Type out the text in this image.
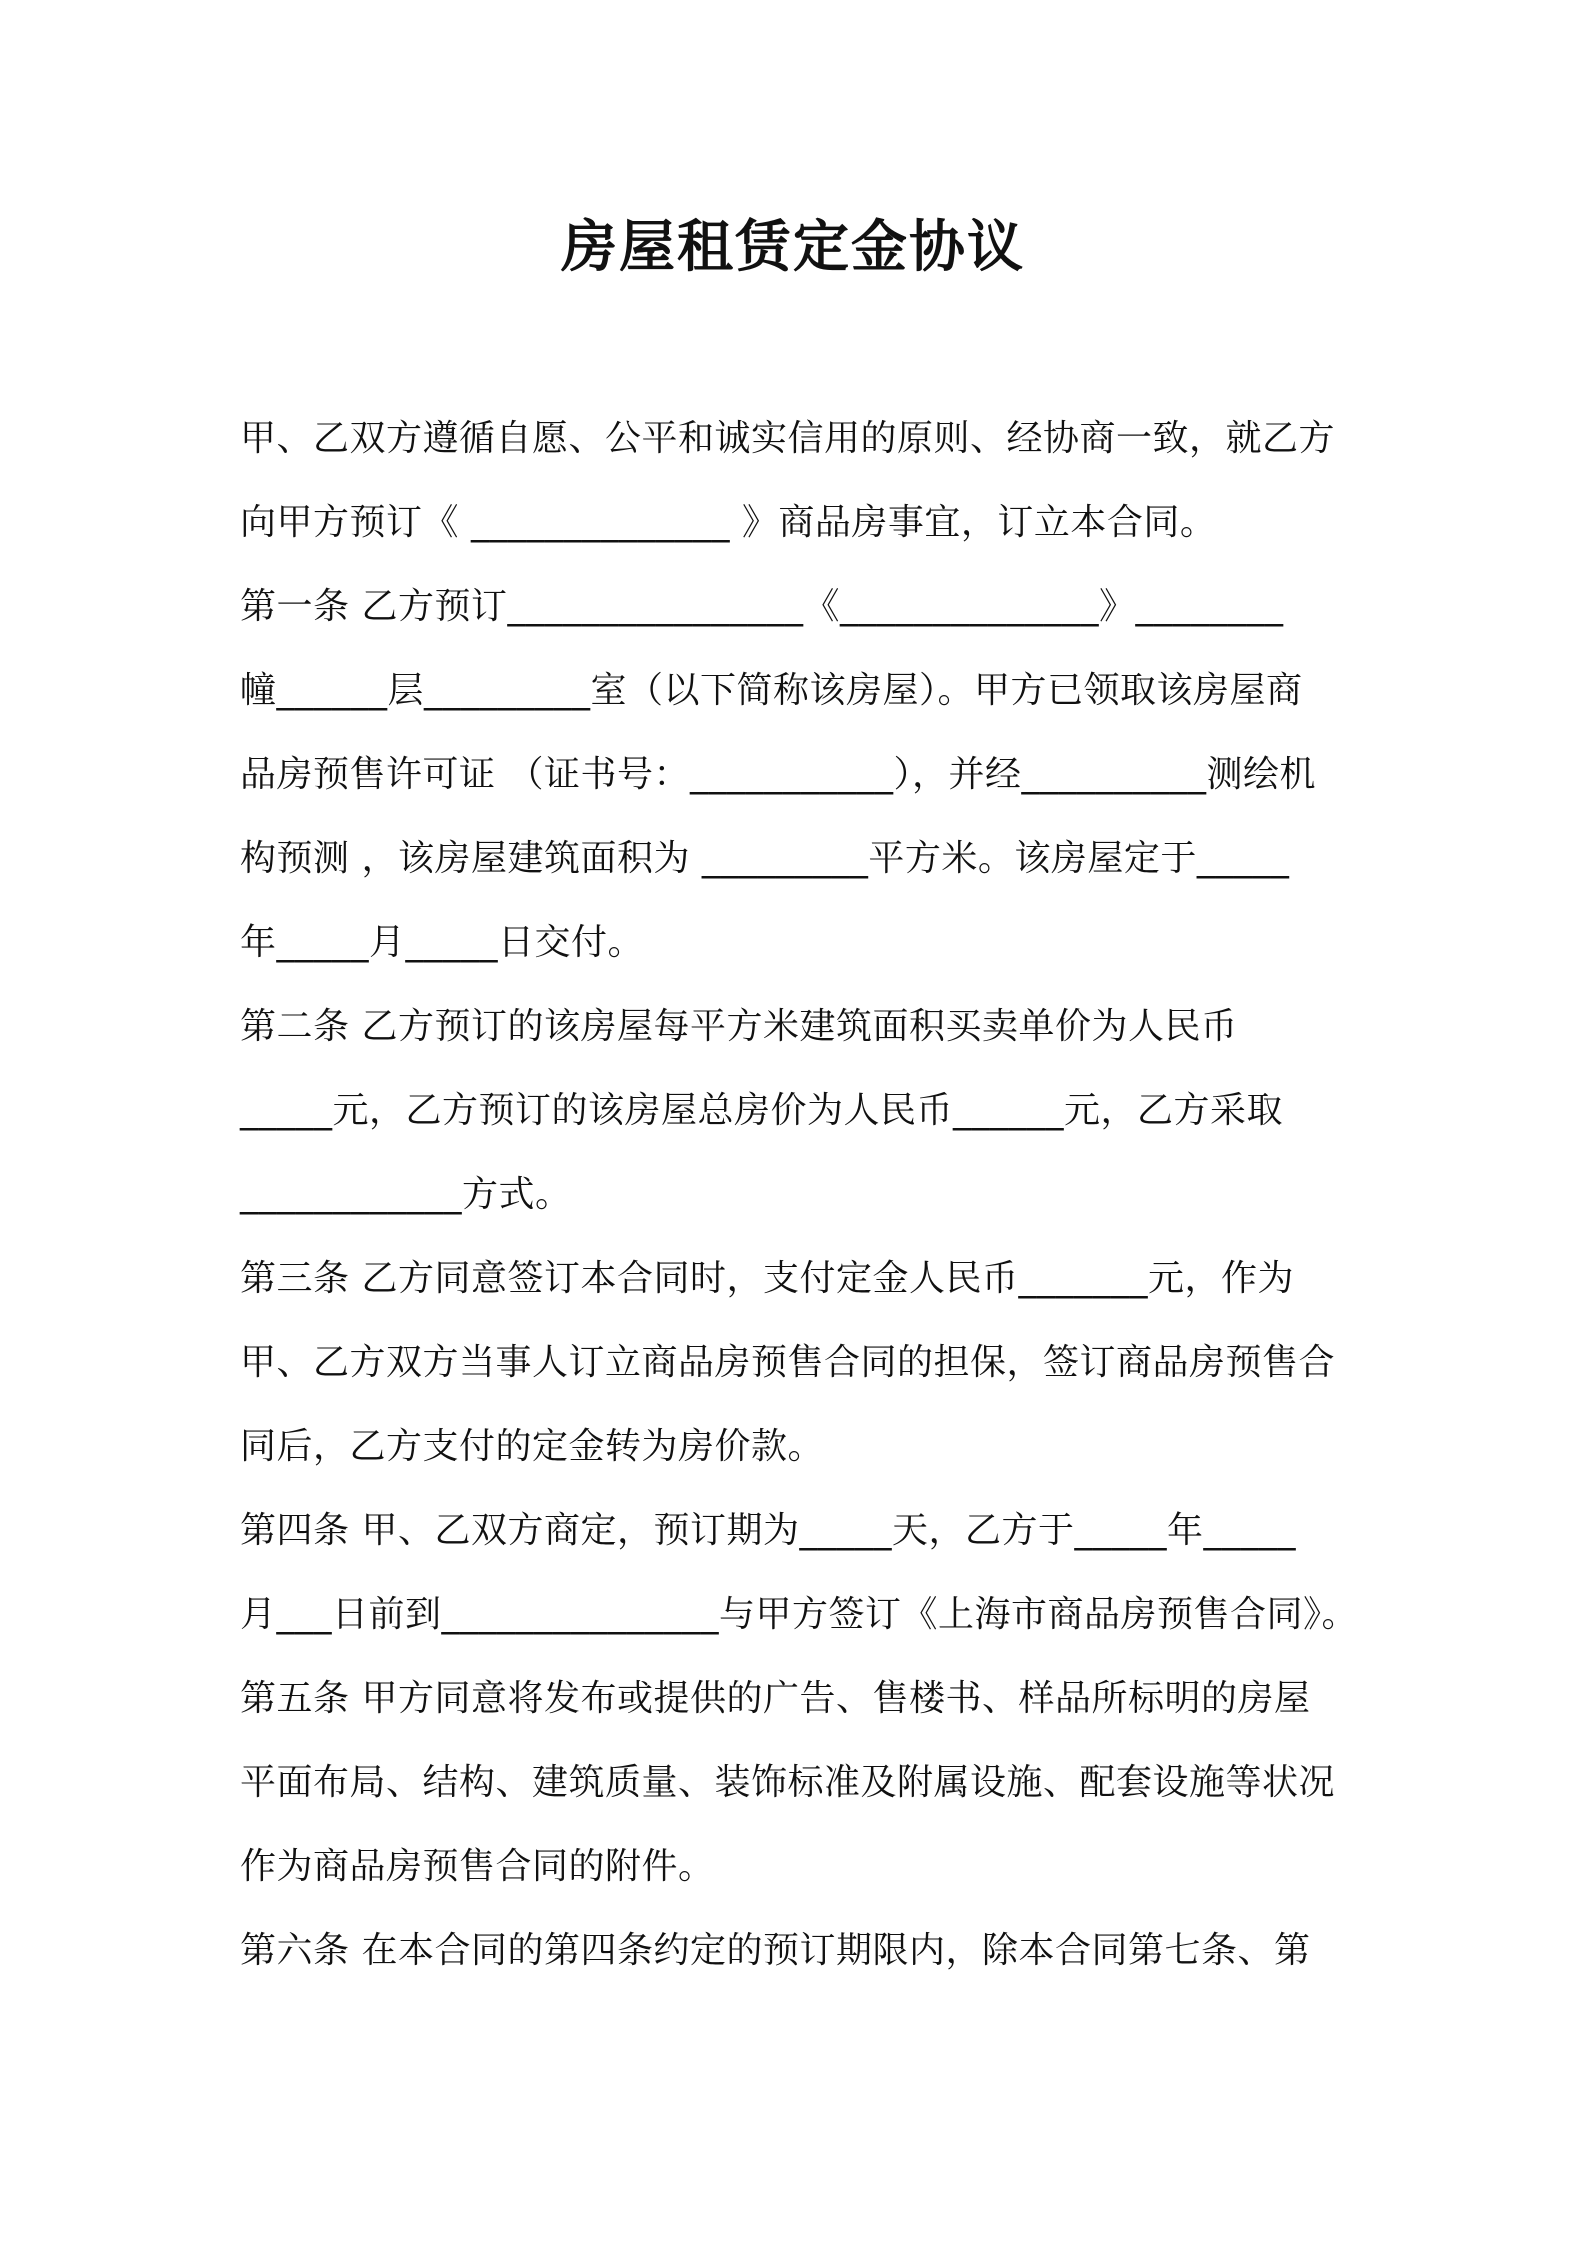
房屋租赁定金协议
甲、乙双方遵循自愿、公平和诚实信用的原则、经协商一致，就乙方
向甲方预订《 ______________ 》商品房事宜，订立本合同。
第一条 乙方预订________________《______________》________
幢______层_________室（以下简称该房屋）。甲方已领取该房屋商
品房预售许可证 （证书号：___________），并经__________测绘机
构预测 ，该房屋建筑面积为 _________平方米。该房屋定于_____
年_____月_____日交付。
第二条 乙方预订的该房屋每平方米建筑面积买卖单价为人民币
_____元，乙方预订的该房屋总房价为人民币______元，乙方采取
____________方式。
第三条 乙方同意签订本合同时，支付定金人民币_______元，作为
甲、乙方双方当事人订立商品房预售合同的担保，签订商品房预售合
同后，乙方支付的定金转为房价款。
第四条 甲、乙双方商定，预订期为_____天，乙方于_____年_____
月___日前到_______________与甲方签订《上海市商品房预售合同》。
第五条 甲方同意将发布或提供的广告、售楼书、样品所标明的房屋
平面布局、结构、建筑质量、装饰标准及附属设施、配套设施等状况
作为商品房预售合同的附件。
第六条 在本合同的第四条约定的预订期限内，除本合同第七条、第
